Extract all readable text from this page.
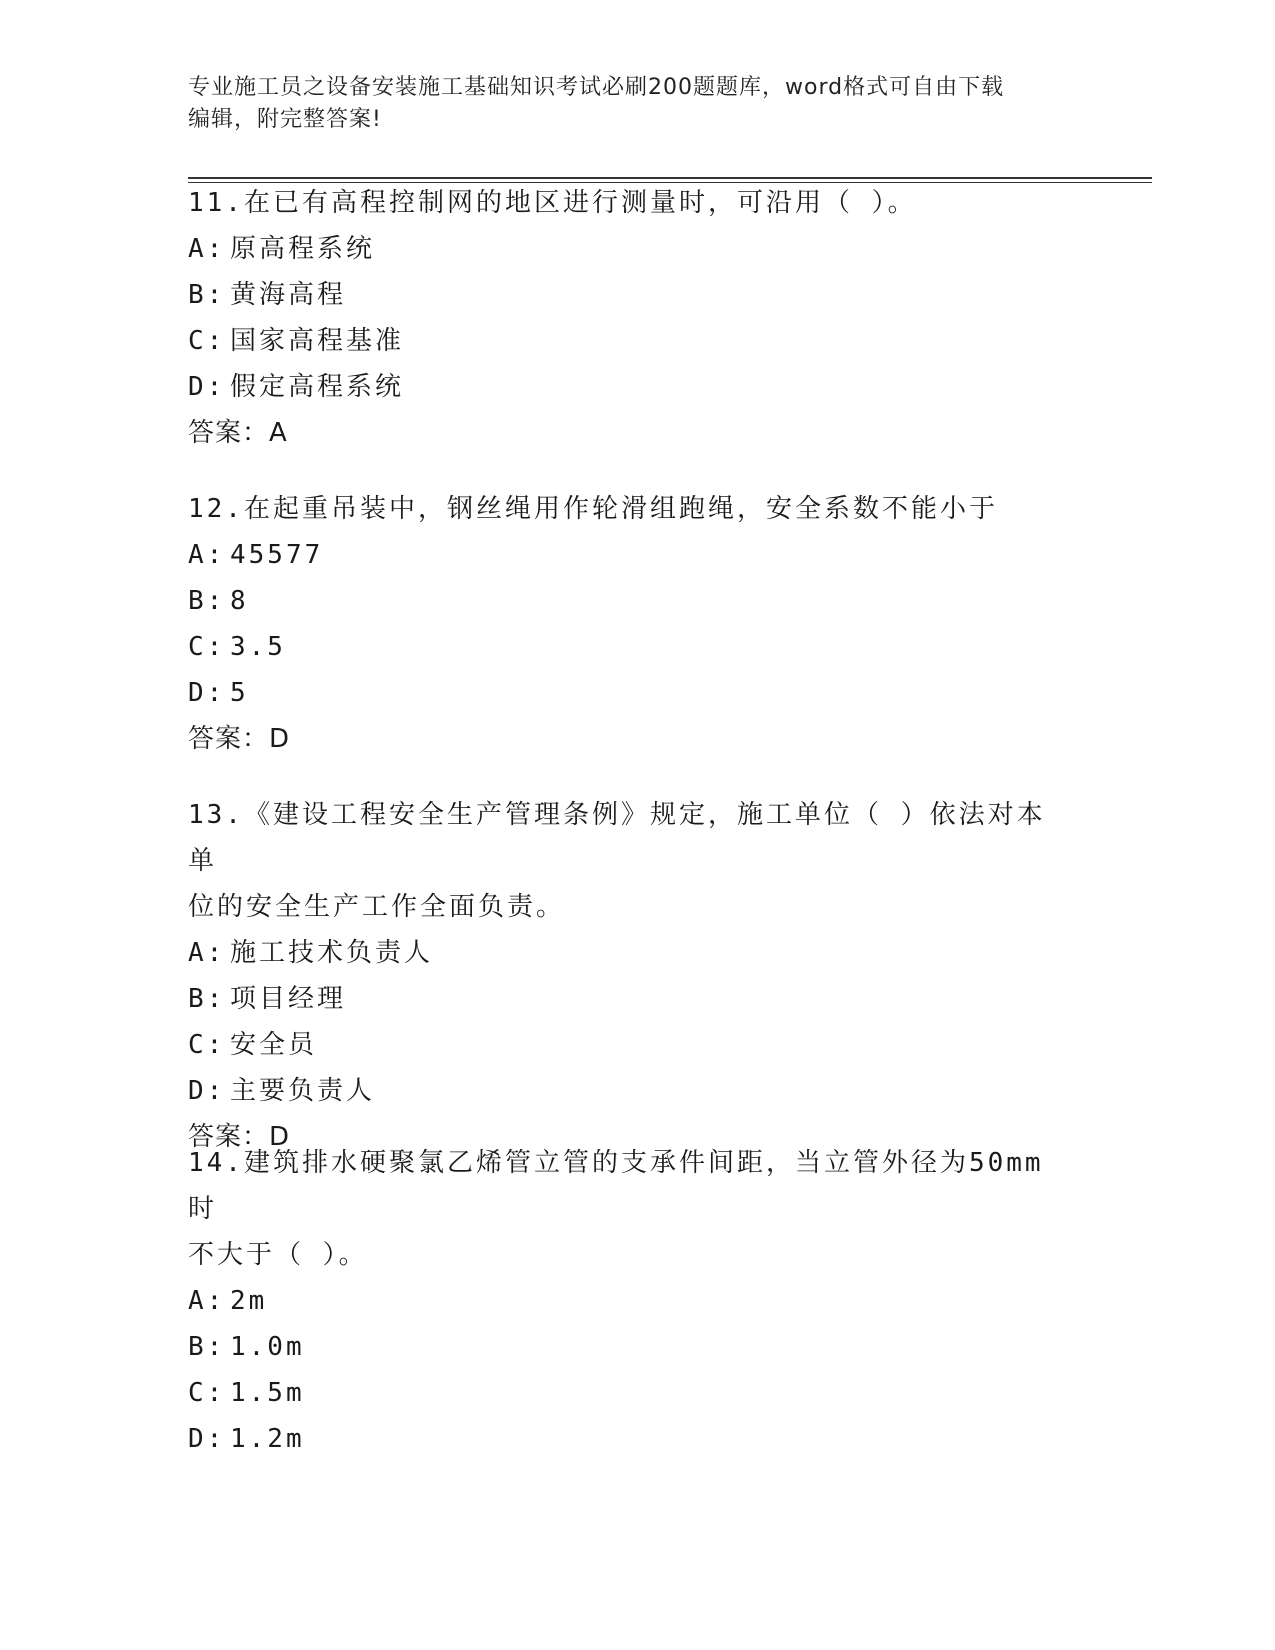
专业施工员之设备安装施工基础知识考试必刷200题题库，word格式可自由下载
编辑，附完整答案!

11.在已有高程控制网的地区进行测量时，可沿用（ ）。

A: 原高程系统

B: 黄海高程

C: 国家高程基准

D: 假定高程系统

答案：A

12.在起重吊装中，钢丝绳用作轮滑组跑绳，安全系数不能小于

A: 45577

B: 8

C: 3.5

D: 5

答案：D

13.《建设工程安全生产管理条例》规定，施工单位（ ）依法对本单

位的安全生产工作全面负责。

A: 施工技术负责人

B: 项目经理

C: 安全员

D: 主要负责人

答案：D

14.建筑排水硬聚氯乙烯管立管的支承件间距，当立管外径为50mm时

不大于（ ）。

A: 2m

B: 1.0m

C: 1.5m

D: 1.2m
